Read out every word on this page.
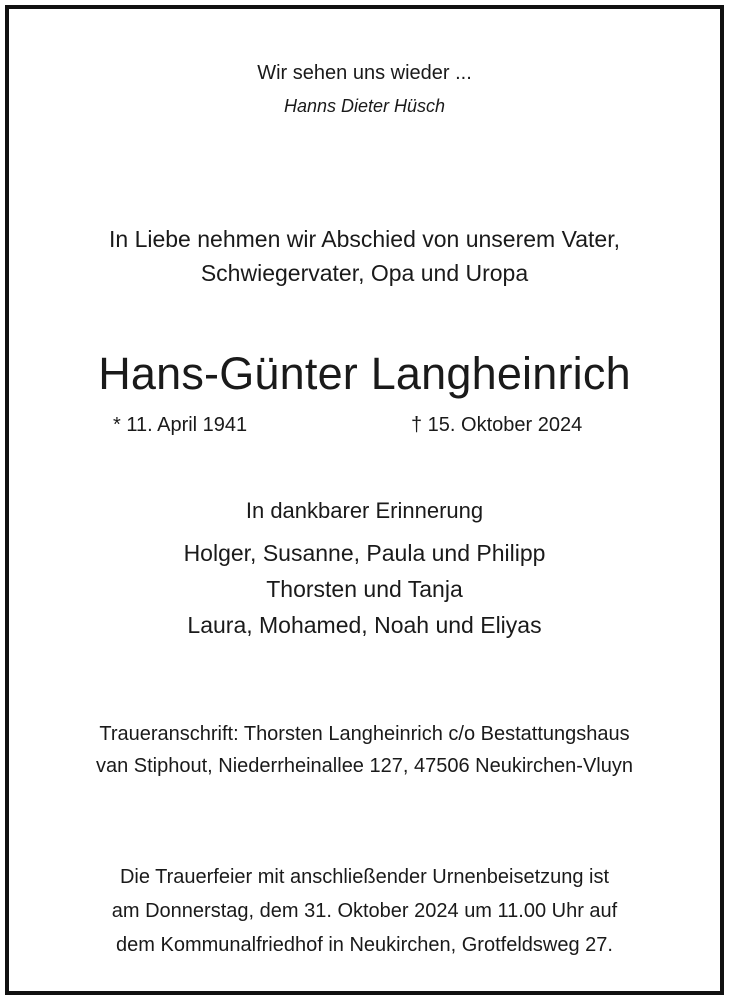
Wir sehen uns wieder ...
Hanns Dieter Hüsch
In Liebe nehmen wir Abschied von unserem Vater,
Schwiegervater, Opa und Uropa
Hans-Günter Langheinrich
* 11. April 1941	† 15. Oktober 2024
In dankbarer Erinnerung
Holger, Susanne, Paula und Philipp
Thorsten und Tanja
Laura, Mohamed, Noah und Eliyas
Traueranschrift: Thorsten Langheinrich c/o Bestattungshaus
van Stiphout, Niederrheinallee 127, 47506 Neukirchen-Vluyn
Die Trauerfeier mit anschließender Urnenbeisetzung ist
am Donnerstag, dem 31. Oktober 2024 um 11.00 Uhr auf
dem Kommunalfriedhof in Neukirchen, Grotfeldsweg 27.
